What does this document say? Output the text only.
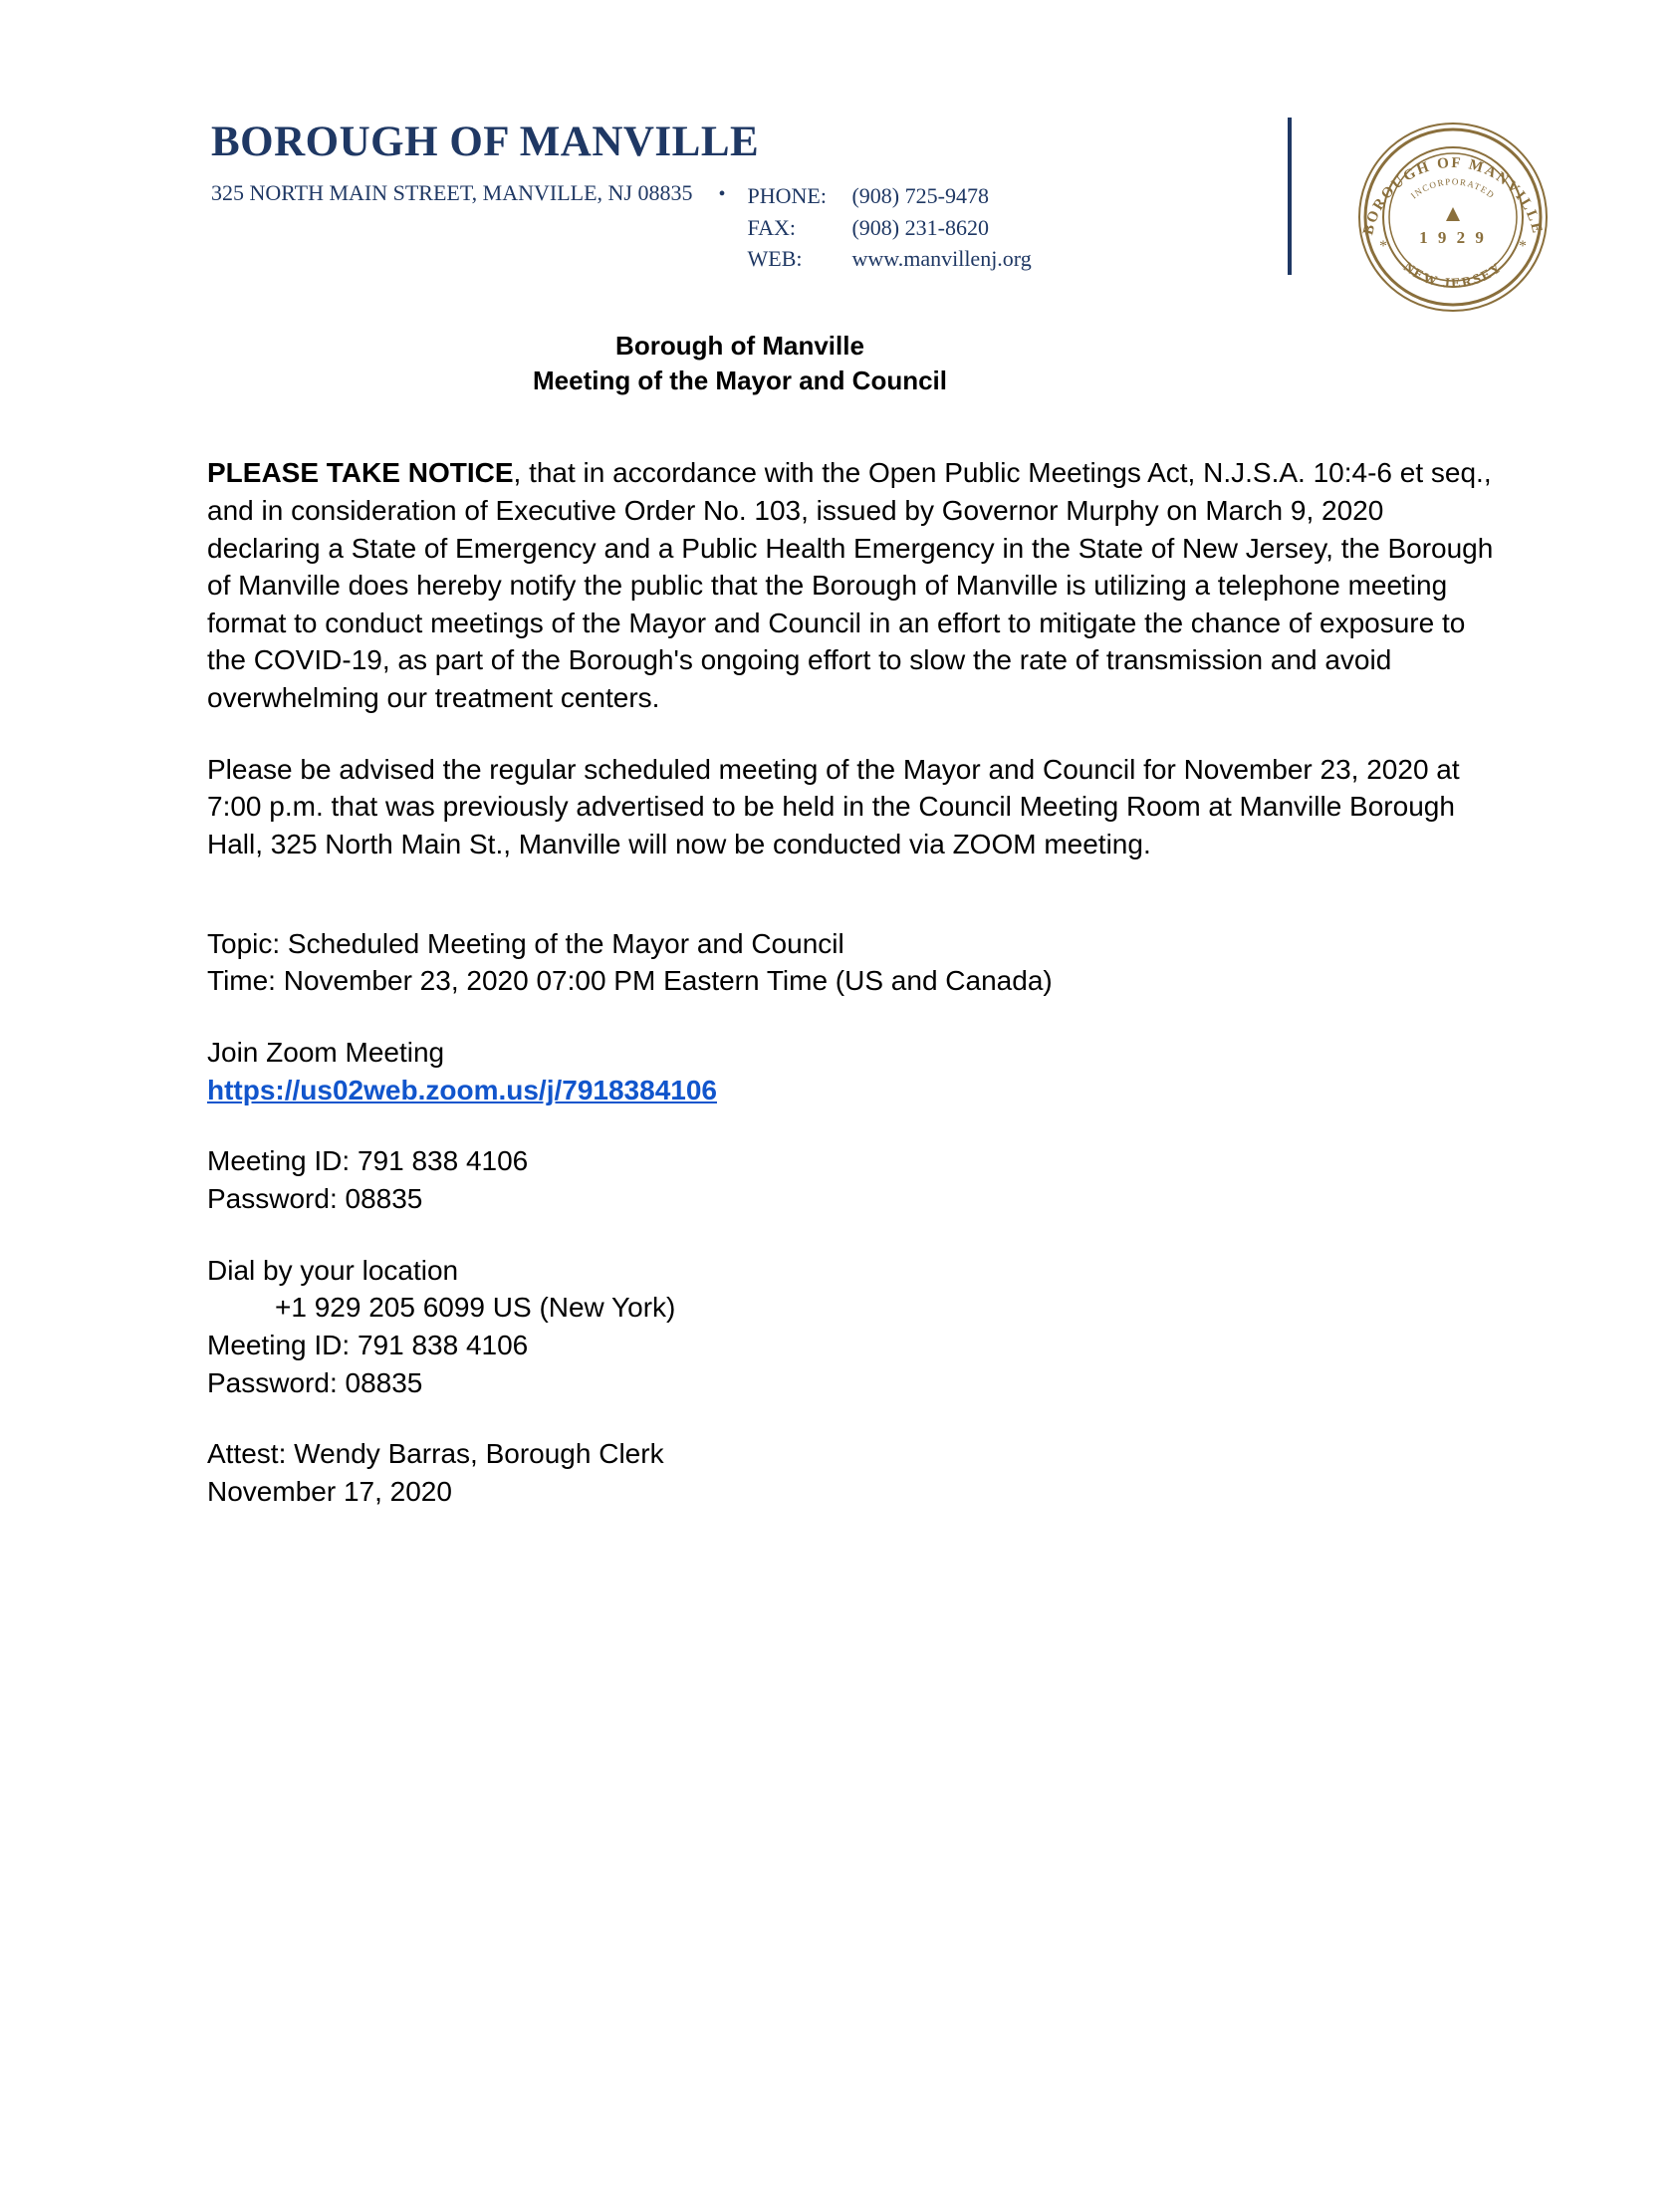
BOROUGH OF MANVILLE
325 NORTH MAIN STREET, MANVILLE, NJ 08835 • PHONE:	(908) 725-9478
FAX:	(908) 231-8620
WEB:	www.manvillenj.org
BOROUGH OF MANVILLE
NEW JERSEY
INCORPORATED
1 9 2 9 *
*
Borough of Manville
Meeting of the Mayor and Council

PLEASE TAKE NOTICE, that in accordance with the Open Public Meetings Act, N.J.S.A. 10:4-6 et seq., and in consideration of Executive Order No. 103, issued by Governor Murphy on March 9, 2020 declaring a State of Emergency and a Public Health Emergency in the State of New Jersey, the Borough of Manville does hereby notify the public that the Borough of Manville is utilizing a telephone meeting format to conduct meetings of the Mayor and Council in an effort to mitigate the chance of exposure to the COVID-19, as part of the Borough's ongoing effort to slow the rate of transmission and avoid overwhelming our treatment centers.

Please be advised the regular scheduled meeting of the Mayor and Council for November 23, 2020 at 7:00 p.m. that was previously advertised to be held in the Council Meeting Room at Manville Borough Hall, 325 North Main St., Manville will now be conducted via ZOOM meeting.

Topic: Scheduled Meeting of the Mayor and Council

Time: November 23, 2020 07:00 PM Eastern Time (US and Canada)

Join Zoom Meeting

https://us02web.zoom.us/j/7918384106

Meeting ID: 791 838 4106

Password: 08835

Dial by your location

+1 929 205 6099 US (New York)

Meeting ID: 791 838 4106

Password: 08835

Attest: Wendy Barras, Borough Clerk

November 17, 2020
